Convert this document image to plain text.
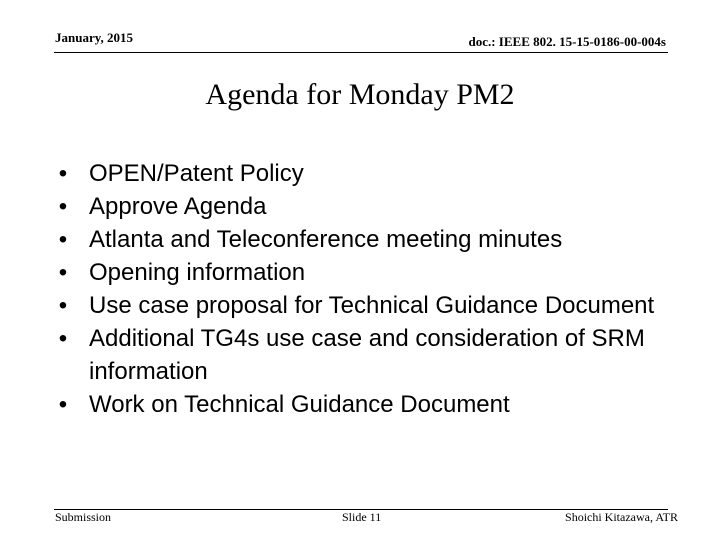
January, 2015	doc.: IEEE 802. 15-15-0186-00-004s
Agenda for Monday PM2
• OPEN/Patent Policy
• Approve Agenda
• Atlanta and Teleconference meeting minutes
• Opening information
• Use case proposal for Technical Guidance Document
• Additional TG4s use case and consideration of SRM information
• Work on Technical Guidance Document
Submission	Slide 11	Shoichi Kitazawa, ATR
